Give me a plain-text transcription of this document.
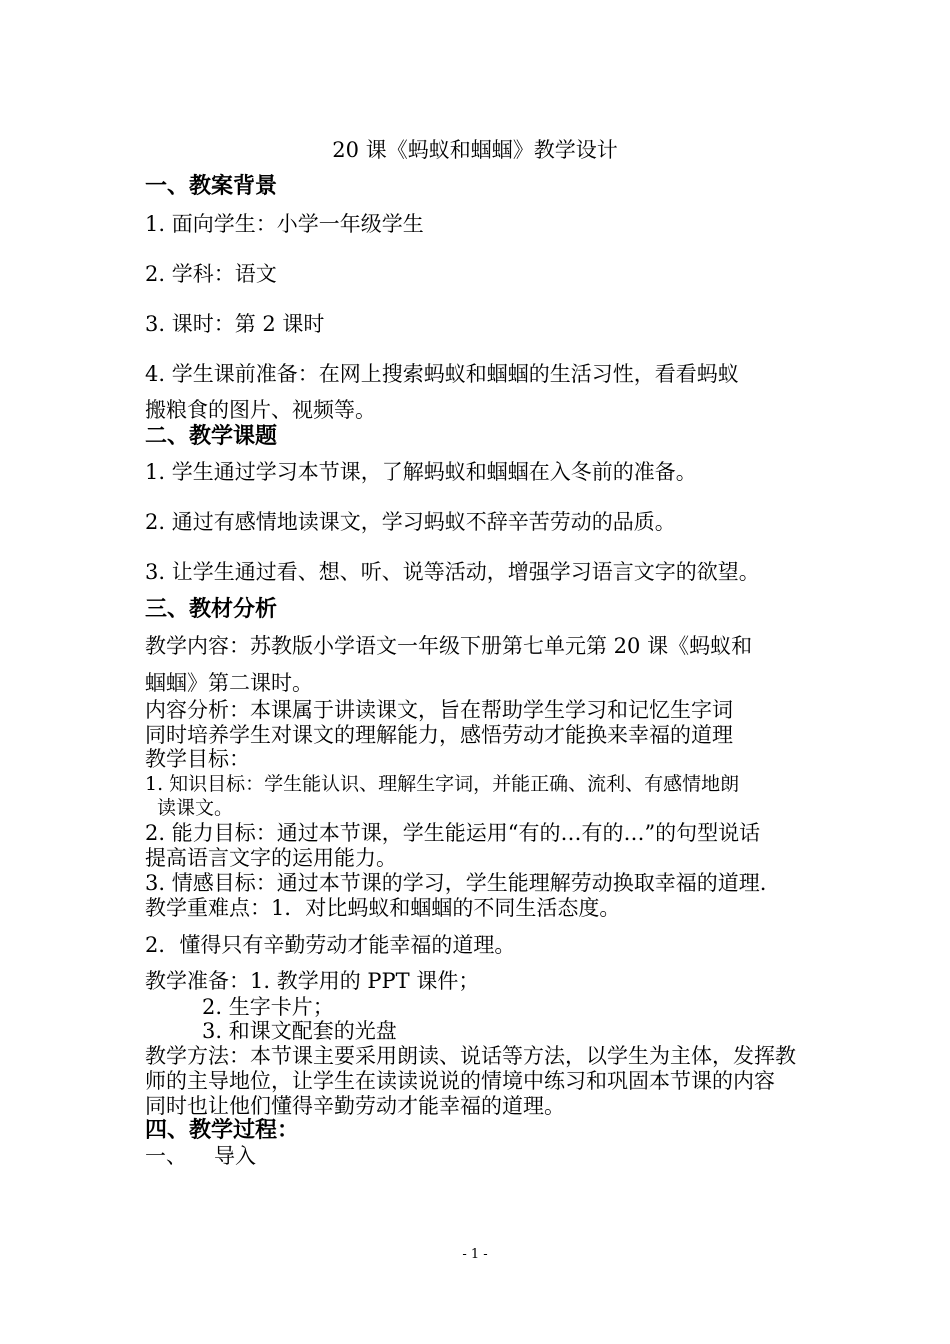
20 课《蚂蚁和蝈蝈》教学设计
一、教案背景
1. 面向学生：小学一年级学生
2. 学科：语文
3. 课时：第 2 课时
4. 学生课前准备：在网上搜索蚂蚁和蝈蝈的生活习性，看看蚂蚁
搬粮食的图片、视频等。
二、教学课题
1. 学生通过学习本节课，了解蚂蚁和蝈蝈在入冬前的准备。
2. 通过有感情地读课文，学习蚂蚁不辞辛苦劳动的品质。
3. 让学生通过看、想、听、说等活动，增强学习语言文字的欲望。
三、教材分析
教学内容：苏教版小学语文一年级下册第七单元第 20 课《蚂蚁和
蝈蝈》第二课时。
内容分析：本课属于讲读课文，旨在帮助学生学习和记忆生字词
同时培养学生对课文的理解能力，感悟劳动才能换来幸福的道理
教学目标：
1. 知识目标：学生能认识、理解生字词，并能正确、流利、有感情地朗
读课文。
2. 能力目标：通过本节课，学生能运用“有的…有的…”的句型说话
提高语言文字的运用能力。
3. 情感目标：通过本节课的学习，学生能理解劳动换取幸福的道理.
教学重难点：1．对比蚂蚁和蝈蝈的不同生活态度。
2．懂得只有辛勤劳动才能幸福的道理。
教学准备：1. 教学用的 PPT 课件；
2. 生字卡片；
3. 和课文配套的光盘
教学方法：本节课主要采用朗读、说话等方法，以学生为主体，发挥教
师的主导地位，让学生在读读说说的情境中练习和巩固本节课的内容
同时也让他们懂得辛勤劳动才能幸福的道理。
四、教学过程：
一、 导入
- 1 -
